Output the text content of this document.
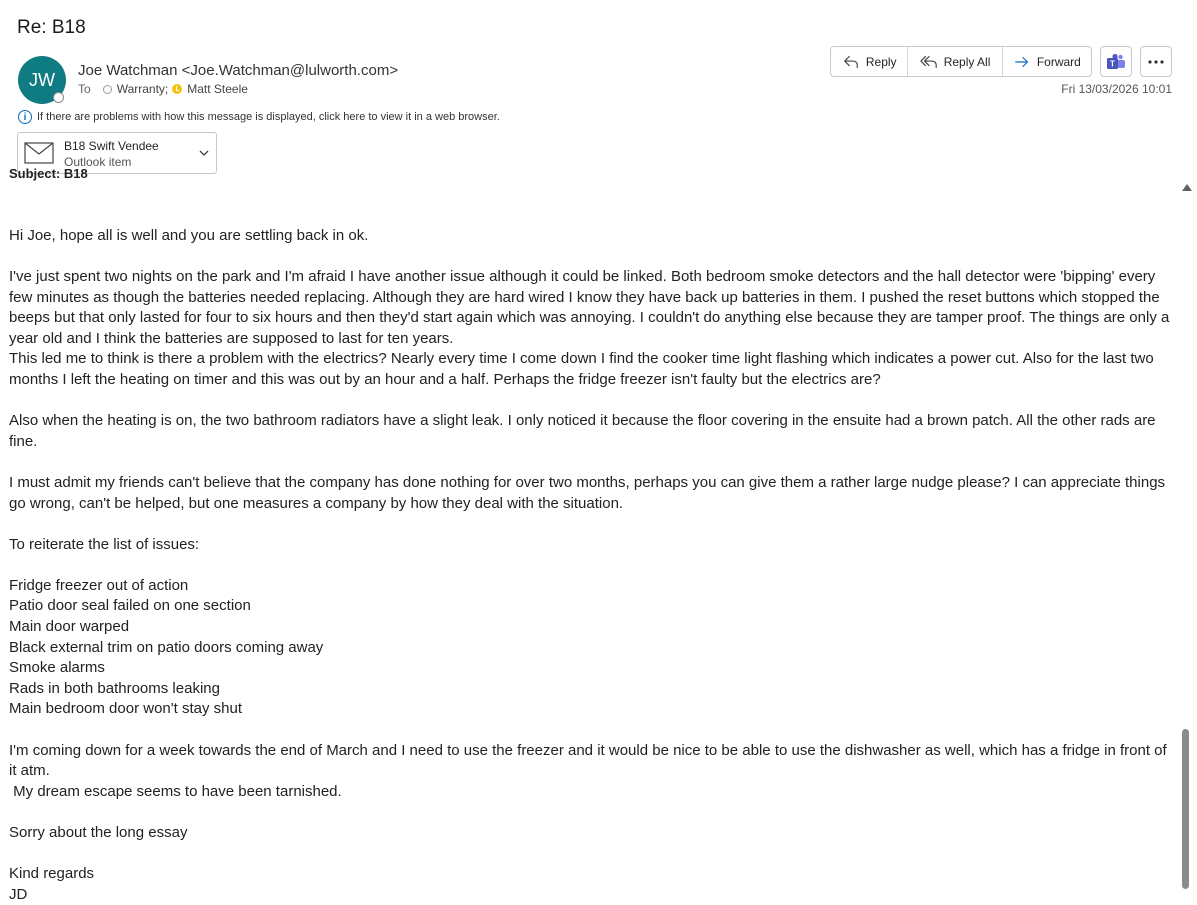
Re: B18
JW Joe Watchman <Joe.Watchman@lulworth.com>
To Warranty; Matt Steele
Reply	Reply All	Forward	T
Fri 13/03/2026 10:01
i If there are problems with how this message is displayed, click here to view it in a web browser.
B18 Swift Vendee
Outlook item
Subject: B18

Hi Joe, hope all is well and you are settling back in ok.

I've just spent two nights on the park and I'm afraid I have another issue although it could be linked. Both bedroom smoke detectors and the hall detector were 'bipping' every few minutes as though the batteries needed replacing. Although they are hard wired I know they have back up batteries in them. I pushed the reset buttons which stopped the beeps but that only lasted for four to six hours and then they'd start again which was annoying. I couldn't do anything else because they are tamper proof. The things are only a year old and I think the batteries are supposed to last for ten years.
This led me to think is there a problem with the electrics? Nearly every time I come down I find the cooker time light flashing which indicates a power cut. Also for the last two months I left the heating on timer and this was out by an hour and a half. Perhaps the fridge freezer isn't faulty but the electrics are?

Also when the heating is on, the two bathroom radiators have a slight leak. I only noticed it because the floor covering in the ensuite had a brown patch. All the other rads are fine.

I must admit my friends can't believe that the company has done nothing for over two months, perhaps you can give them a rather large nudge please? I can appreciate things go wrong, can't be helped, but one measures a company by how they deal with the situation.

To reiterate the list of issues:

Fridge freezer out of action
Patio door seal failed on one section
Main door warped
Black external trim on patio doors coming away
Smoke alarms
Rads in both bathrooms leaking
Main bedroom door won't stay shut

I'm coming down for a week towards the end of March and I need to use the freezer and it would be nice to be able to use the dishwasher as well, which has a fridge in front of it atm.
My dream escape seems to have been tarnished.

Sorry about the long essay

Kind regards
JD
